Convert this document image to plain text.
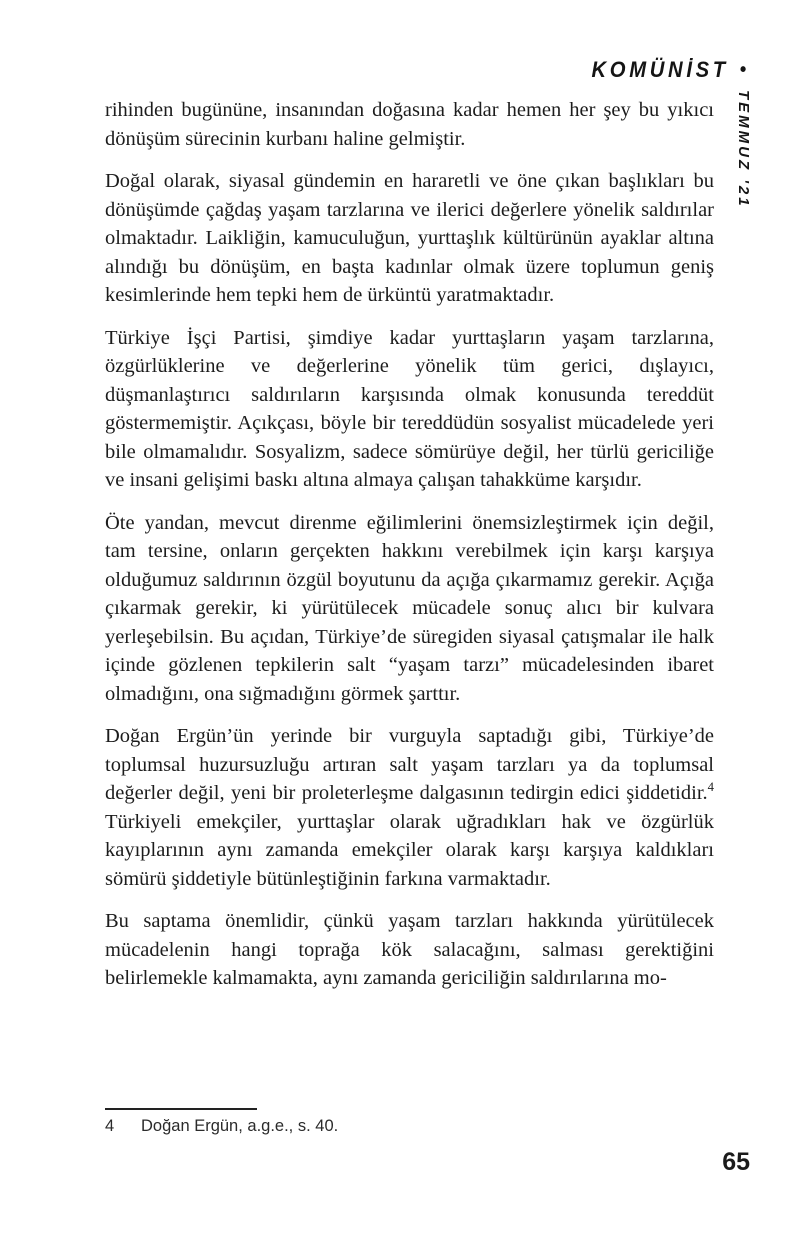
KOMÜNİST •
TEMMUZ '21

rihinden bugününe, insanından doğasına kadar hemen her şey bu yıkıcı dönüşüm sürecinin kurbanı haline gelmiştir.

Doğal olarak, siyasal gündemin en hararetli ve öne çıkan başlıkları bu dönüşümde çağdaş yaşam tarzlarına ve ilerici değerlere yönelik saldırılar olmaktadır. Laikliğin, kamuculuğun, yurttaşlık kültürünün ayaklar altına alındığı bu dönüşüm, en başta kadınlar olmak üzere toplumun geniş kesimlerinde hem tepki hem de ürküntü yaratmaktadır.

Türkiye İşçi Partisi, şimdiye kadar yurttaşların yaşam tarzlarına, özgürlüklerine ve değerlerine yönelik tüm gerici, dışlayıcı, düşmanlaştırıcı saldırıların karşısında olmak konusunda tereddüt göstermemiştir. Açıkçası, böyle bir tereddüdün sosyalist mücadelede yeri bile olmamalıdır. Sosyalizm, sadece sömürüye değil, her türlü gericiliğe ve insani gelişimi baskı altına almaya çalışan tahakküme karşıdır.

Öte yandan, mevcut direnme eğilimlerini önemsizleştirmek için değil, tam tersine, onların gerçekten hakkını verebilmek için karşı karşıya olduğumuz saldırının özgül boyutunu da açığa çıkarmamız gerekir. Açığa çıkarmak gerekir, ki yürütülecek mücadele sonuç alıcı bir kulvara yerleşebilsin. Bu açıdan, Türkiye’de süregiden siyasal çatışmalar ile halk içinde gözlenen tepkilerin salt “yaşam tarzı” mücadelesinden ibaret olmadığını, ona sığmadığını görmek şarttır.

Doğan Ergün’ün yerinde bir vurguyla saptadığı gibi, Türkiye’de toplumsal huzursuzluğu artıran salt yaşam tarzları ya da toplumsal değerler değil, yeni bir proleterleşme dalgasının tedirgin edici şiddetidir.$^4$ Türkiyeli emekçiler, yurttaşlar olarak uğradıkları hak ve özgürlük kayıplarının aynı zamanda emekçiler olarak karşı karşıya kaldıkları sömürü şiddetiyle bütünleştiğinin farkına varmaktadır.

Bu saptama önemlidir, çünkü yaşam tarzları hakkında yürütülecek mücadelenin hangi toprağa kök salacağını, salması gerektiğini belirlemekle kalmamakta, aynı zamanda gericiliğin saldırılarına mo-

4	Doğan Ergün, a.g.e., s. 40.
65
